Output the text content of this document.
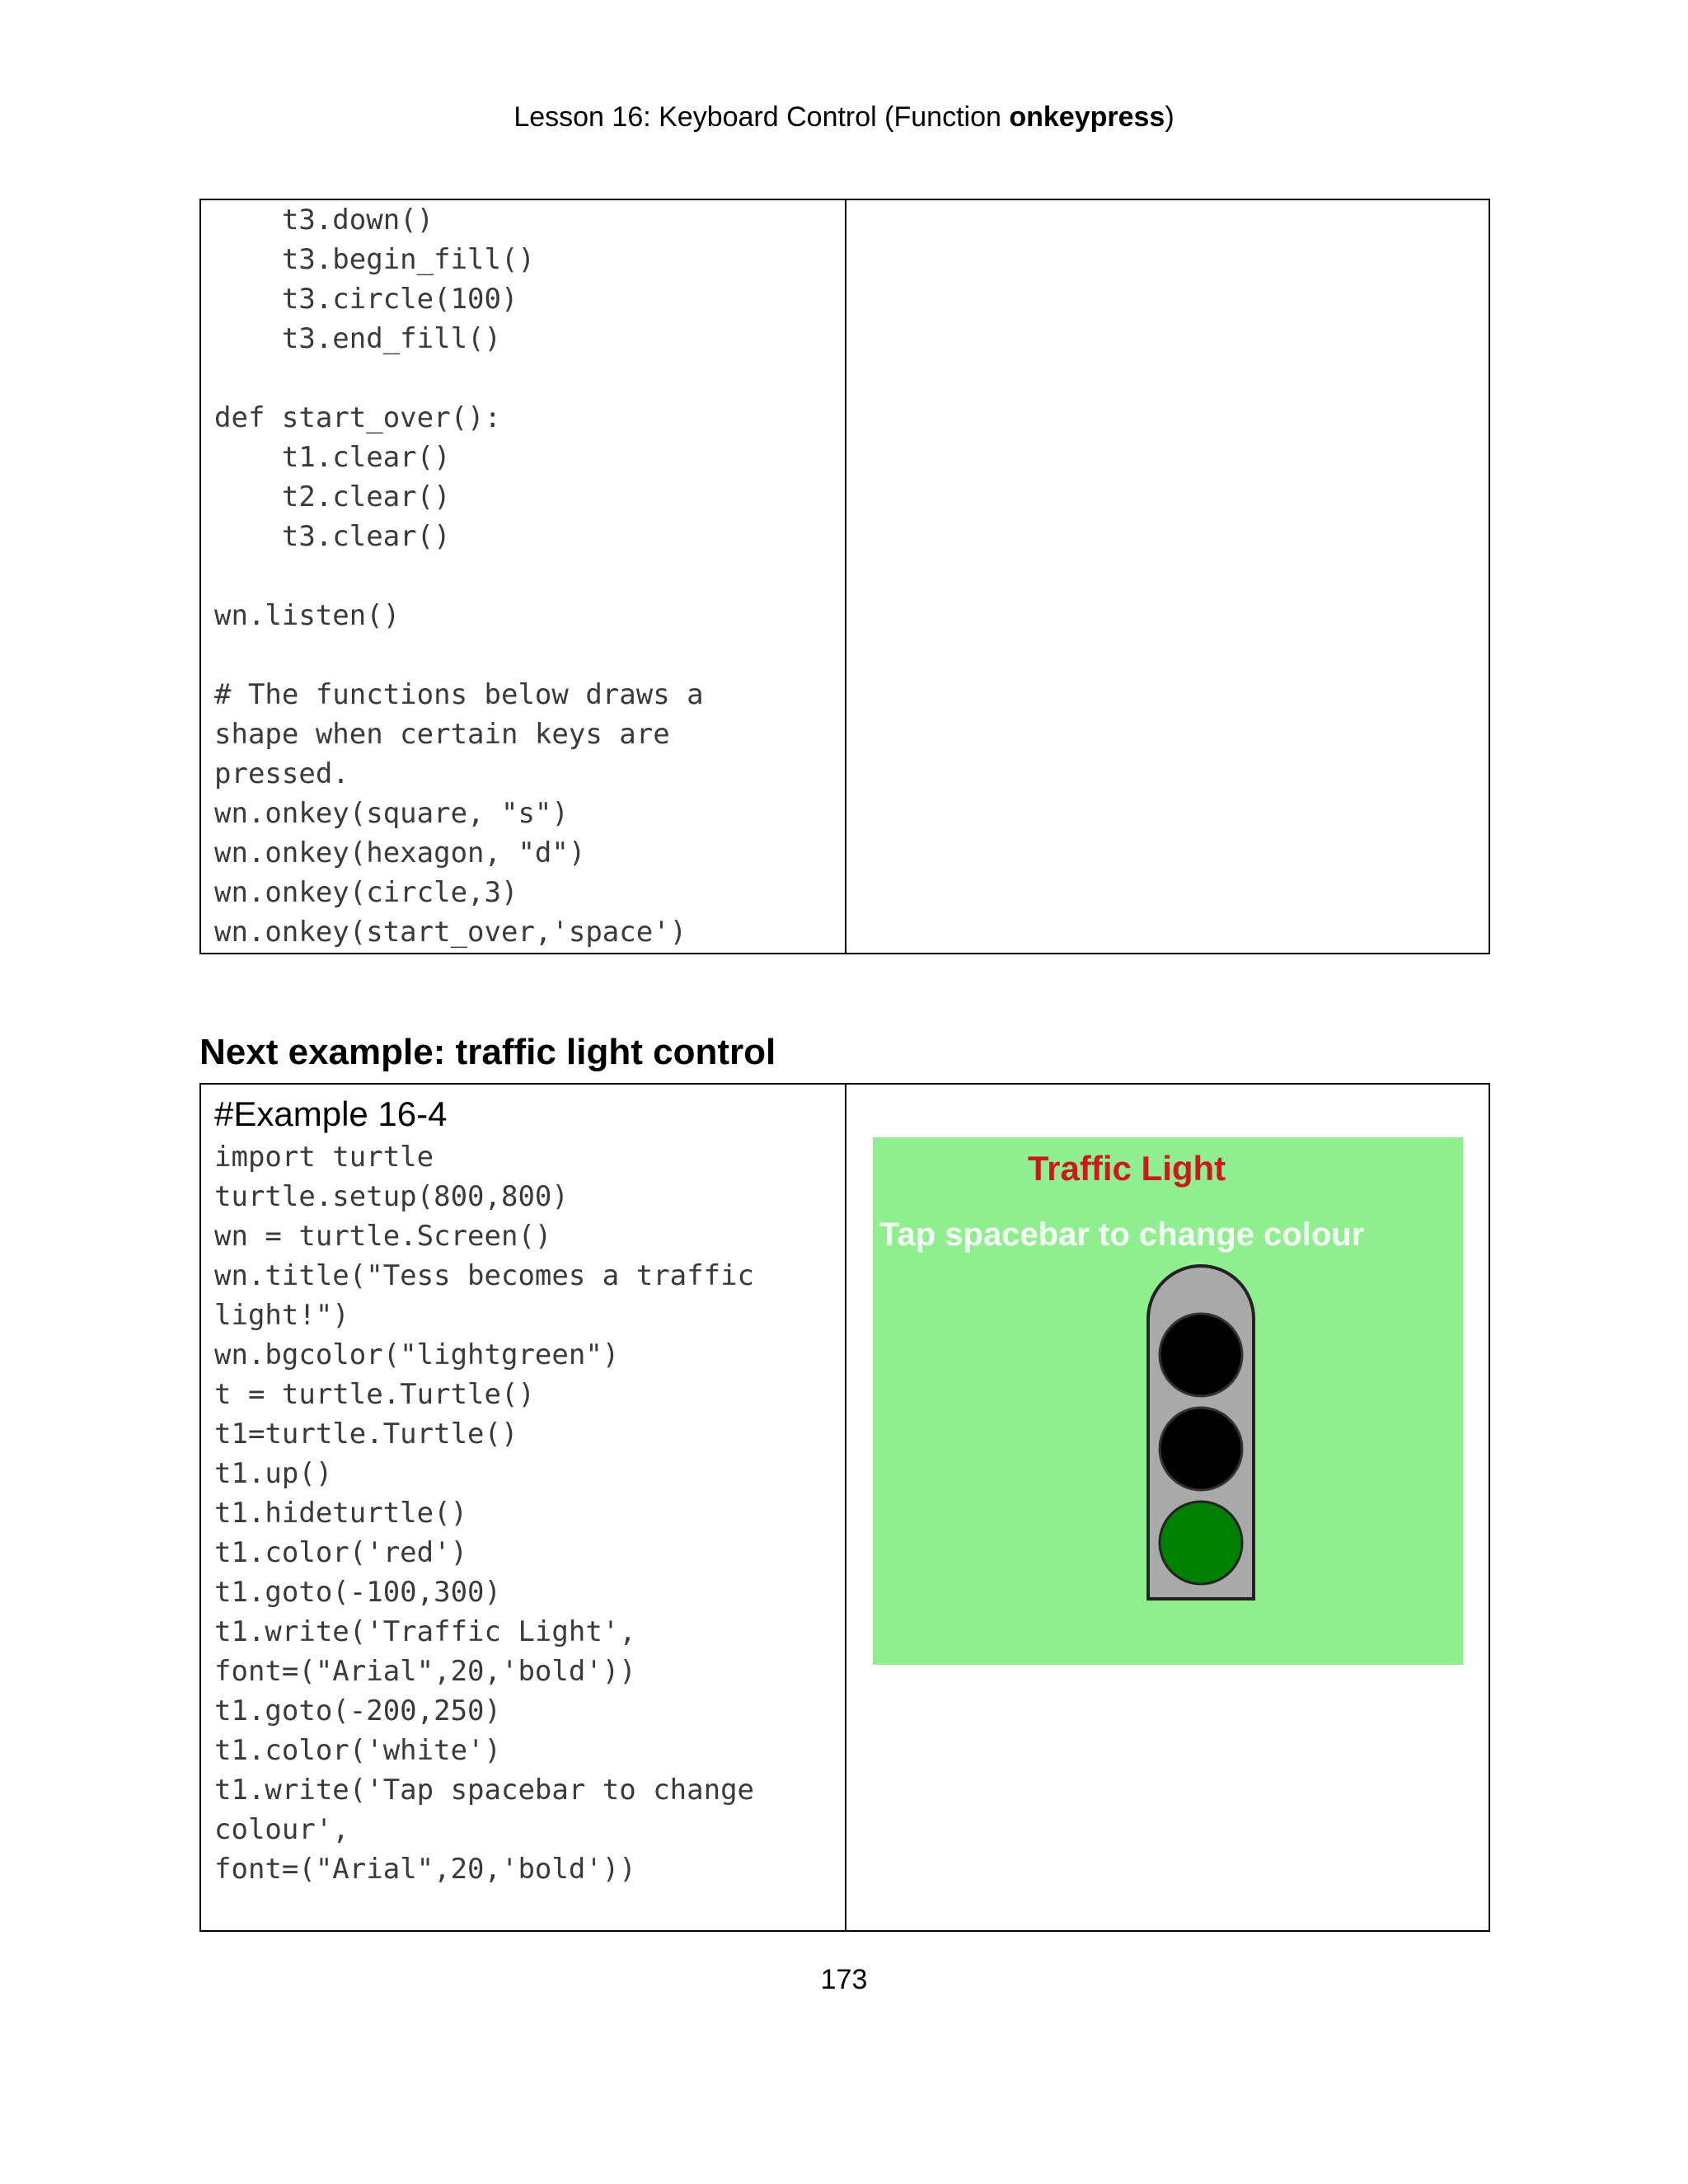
Lesson 16: Keyboard Control (Function onkeypress)
t3.down()
t3.begin_fill()
t3.circle(100)
t3.end_fill()

def start_over():
t1.clear()
t2.clear()
t3.clear()

wn.listen()

# The functions below draws a
shape when certain keys are
pressed.
wn.onkey(square, "s")
wn.onkey(hexagon, "d")
wn.onkey(circle,3)
wn.onkey(start_over,'space')
Next example: traffic light control
#Example 16-4
import turtle
turtle.setup(800,800)
wn = turtle.Screen()
wn.title("Tess becomes a traffic
light!")
wn.bgcolor("lightgreen")
t = turtle.Turtle()
t1=turtle.Turtle()
t1.up()
t1.hideturtle()
t1.color('red')
t1.goto(-100,300)
t1.write('Traffic Light',
font=("Arial",20,'bold'))
t1.goto(-200,250)
t1.color('white')
t1.write('Tap spacebar to change
colour',
font=("Arial",20,'bold'))
Traffic Light
Tap spacebar to change colour
173
